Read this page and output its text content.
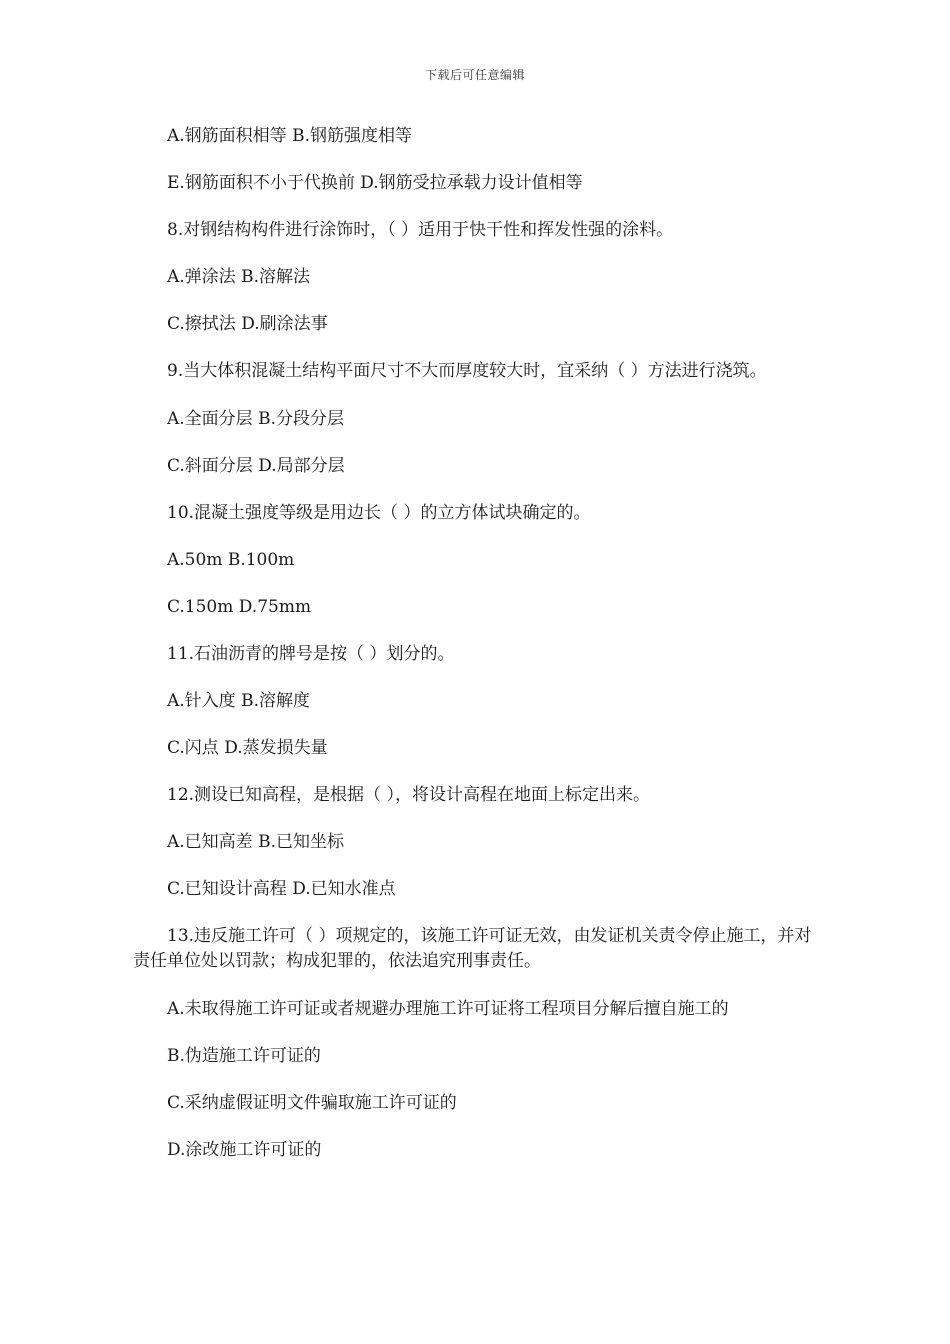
下载后可任意编辑

A.钢筋面积相等 B.钢筋强度相等

E.钢筋面积不小于代换前 D.钢筋受拉承载力设计值相等

8.对钢结构构件进行涂饰时，（ ）适用于快干性和挥发性强的涂料。

A.弹涂法 B.溶解法

C.擦拭法 D.刷涂法事

9.当大体积混凝土结构平面尺寸不大而厚度较大时，宜采纳（ ）方法进行浇筑。

A.全面分层 B.分段分层

C.斜面分层 D.局部分层

10.混凝土强度等级是用边长（ ）的立方体试块确定的。

A.50m B.100m

C.150m D.75mm

11.石油沥青的牌号是按（ ）划分的。

A.针入度 B.溶解度

C.闪点 D.蒸发损失量

12.测设已知高程，是根据（ ），将设计高程在地面上标定出来。

A.已知高差 B.已知坐标

C.已知设计高程 D.已知水准点

13.违反施工许可（ ）项规定的，该施工许可证无效，由发证机关责令停止施工，并对责任单位处以罚款；构成犯罪的，依法追究刑事责任。

A.未取得施工许可证或者规避办理施工许可证将工程项目分解后擅自施工的

B.伪造施工许可证的

C.采纳虚假证明文件骗取施工许可证的

D.涂改施工许可证的
